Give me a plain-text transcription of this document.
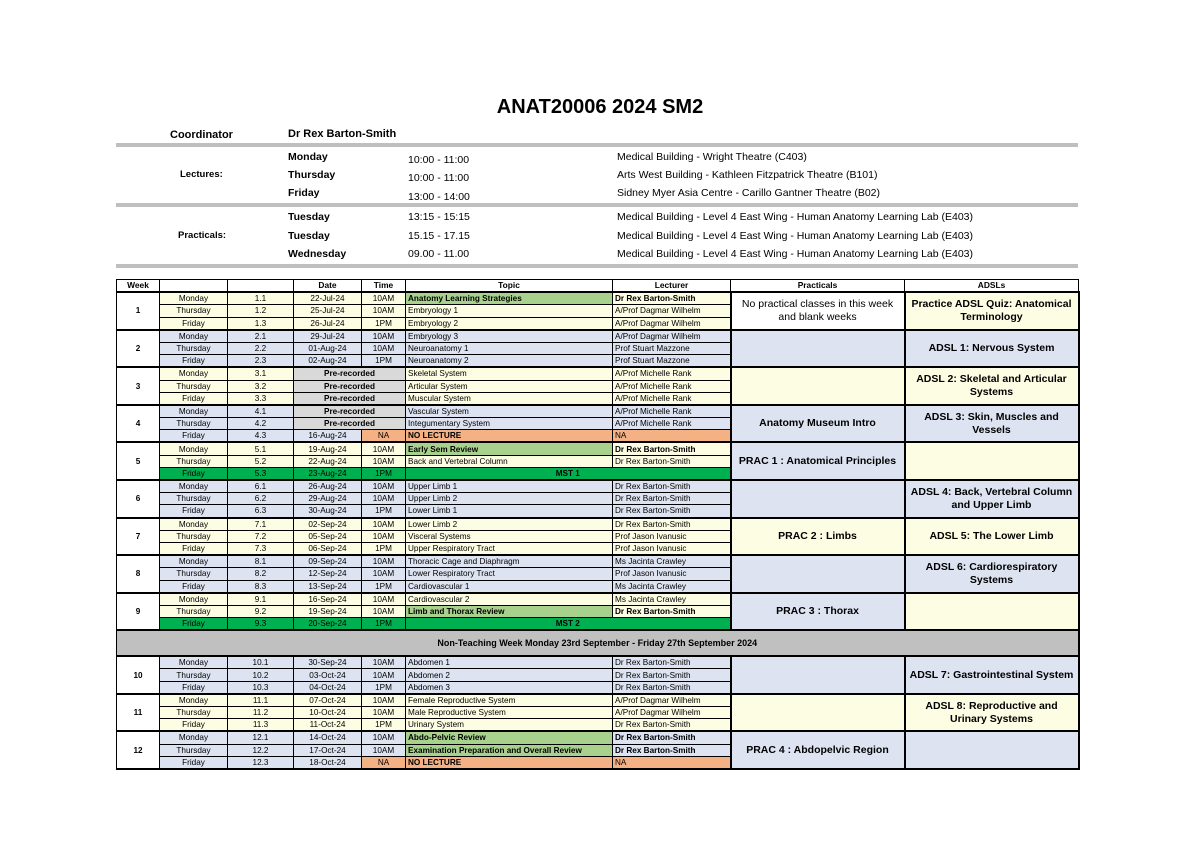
ANAT20006 2024 SM2
Coordinator	Dr Rex Barton-Smith
Lectures:
Monday	10:00 - 11:00	Medical Building - Wright Theatre (C403)
Thursday	10:00 - 11:00	Arts West Building - Kathleen Fitzpatrick Theatre (B101)
Friday	13:00 - 14:00	Sidney Myer Asia Centre - Carillo Gantner Theatre (B02)
Practicals:
Tuesday	13:15 - 15:15	Medical Building - Level 4 East Wing - Human Anatomy Learning Lab (E403)
Tuesday	15.15 - 17.15	Medical Building - Level 4 East Wing - Human Anatomy Learning Lab (E403)
Wednesday	09.00 - 11.00	Medical Building - Level 4 East Wing - Human Anatomy Learning Lab (E403)
Week			Date	Time	Topic	Lecturer	Practicals	ADSLs
1	Monday	1.1	22-Jul-24	10AM	Anatomy Learning Strategies	Dr Rex Barton-Smith	No practical classes in this week and blank weeks	Practice ADSL Quiz: Anatomical Terminology
	Thursday	1.2	25-Jul-24	10AM	Embryology 1	A/Prof Dagmar Wilhelm		
	Friday	1.3	26-Jul-24	1PM	Embryology 2	A/Prof Dagmar Wilhelm		
2	Monday	2.1	29-Jul-24	10AM	Embryology 3	A/Prof Dagmar Wilhelm		ADSL 1: Nervous System
	Thursday	2.2	01-Aug-24	10AM	Neuroanatomy 1	Prof Stuart Mazzone		
	Friday	2.3	02-Aug-24	1PM	Neuroanatomy 2	Prof Stuart Mazzone		
3	Monday	3.1	Pre-recorded		Skeletal System	A/Prof Michelle Rank		ADSL 2: Skeletal and Articular Systems
	Thursday	3.2	Pre-recorded		Articular System	A/Prof Michelle Rank		
	Friday	3.3	Pre-recorded		Muscular System	A/Prof Michelle Rank		
4	Monday	4.1	Pre-recorded		Vascular System	A/Prof Michelle Rank	Anatomy Museum Intro	ADSL 3: Skin, Muscles and Vessels
	Thursday	4.2	Pre-recorded		Integumentary System	A/Prof Michelle Rank		
	Friday	4.3	16-Aug-24	NA	NO LECTURE	NA		
5	Monday	5.1	19-Aug-24	10AM	Early Sem Review	Dr Rex Barton-Smith	PRAC 1 : Anatomical Principles	
	Thursday	5.2	22-Aug-24	10AM	Back and Vertebral Column	Dr Rex Barton-Smith		
	Friday	5.3	23-Aug-24	1PM	MST 1			
6	Monday	6.1	26-Aug-24	10AM	Upper Limb 1	Dr Rex Barton-Smith		ADSL 4: Back, Vertebral Column and Upper Limb
	Thursday	6.2	29-Aug-24	10AM	Upper Limb 2	Dr Rex Barton-Smith		
	Friday	6.3	30-Aug-24	1PM	Lower Limb 1	Dr Rex Barton-Smith		
7	Monday	7.1	02-Sep-24	10AM	Lower Limb 2	Dr Rex Barton-Smith	PRAC 2 : Limbs	ADSL 5: The Lower Limb
	Thursday	7.2	05-Sep-24	10AM	Visceral Systems	Prof Jason Ivanusic		
	Friday	7.3	06-Sep-24	1PM	Upper Respiratory Tract	Prof Jason Ivanusic		
8	Monday	8.1	09-Sep-24	10AM	Thoracic Cage and Diaphragm	Ms Jacinta Crawley		ADSL 6: Cardiorespiratory Systems
	Thursday	8.2	12-Sep-24	10AM	Lower Respiratory Tract	Prof Jason Ivanusic		
	Friday	8.3	13-Sep-24	1PM	Cardiovascular 1	Ms Jacinta Crawley		
9	Monday	9.1	16-Sep-24	10AM	Cardiovascular 2	Ms Jacinta Crawley	PRAC 3 : Thorax	
	Thursday	9.2	19-Sep-24	10AM	Limb and Thorax Review	Dr Rex Barton-Smith		
	Friday	9.3	20-Sep-24	1PM	MST 2			
Non-Teaching Week Monday 23rd September - Friday 27th September 2024								
10	Monday	10.1	30-Sep-24	10AM	Abdomen 1	Dr Rex Barton-Smith		ADSL 7: Gastrointestinal System
	Thursday	10.2	03-Oct-24	10AM	Abdomen 2	Dr Rex Barton-Smith		
	Friday	10.3	04-Oct-24	1PM	Abdomen 3	Dr Rex Barton-Smith		
11	Monday	11.1	07-Oct-24	10AM	Female Reproductive System	A/Prof Dagmar Wilhelm		ADSL 8: Reproductive and Urinary Systems
	Thursday	11.2	10-Oct-24	10AM	Male Reproductive System	A/Prof Dagmar Wilhelm		
	Friday	11.3	11-Oct-24	1PM	Urinary System	Dr Rex Barton-Smith		
12	Monday	12.1	14-Oct-24	10AM	Abdo-Pelvic Review	Dr Rex Barton-Smith	PRAC 4 : Abdopelvic Region	
	Thursday	12.2	17-Oct-24	10AM	Examination Preparation and Overall Review	Dr Rex Barton-Smith		
	Friday	12.3	18-Oct-24	NA	NO LECTURE	NA		
